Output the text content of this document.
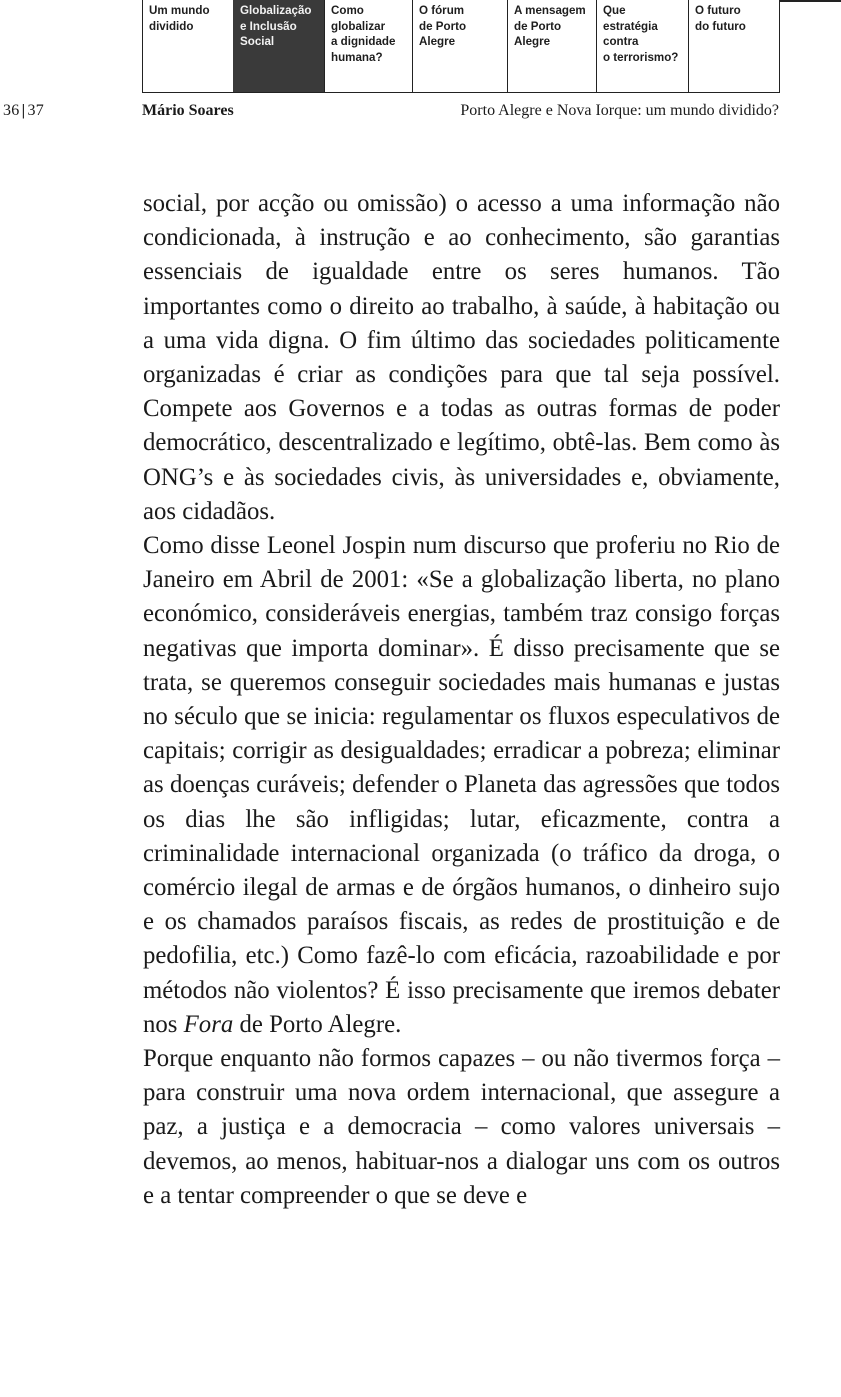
Um mundo
dividido
Globalização
e Inclusão
Social
Como
globalizar
a dignidade
humana?
O fórum
de Porto
Alegre
A mensagem
de Porto
Alegre
Que
estratégia
contra
o terrorismo?
O futuro
do futuro
36 | 37	Mário Soares	Porto Alegre e Nova Iorque: um mundo dividido?

social, por acção ou omissão) o acesso a uma informação não condicionada, à instrução e ao conhecimento, são garantias essenciais de igualdade entre os seres humanos. Tão importantes como o direito ao trabalho, à saúde, à habitação ou a uma vida digna. O fim último das sociedades politicamente organizadas é criar as condições para que tal seja possível. Compete aos Governos e a todas as outras formas de poder democrático, descentralizado e legítimo, obtê-las. Bem como às ONG’s e às sociedades civis, às universidades e, obviamente, aos cidadãos.

Como disse Leonel Jospin num discurso que proferiu no Rio de Janeiro em Abril de 2001: «Se a globalização liberta, no plano económico, consideráveis energias, também traz consigo forças negativas que importa dominar». É disso precisamente que se trata, se queremos conseguir sociedades mais humanas e justas no século que se inicia: regulamentar os fluxos especulativos de capitais; corrigir as desigualdades; erradicar a pobreza; eliminar as doenças curáveis; defender o Planeta das agressões que todos os dias lhe são infligidas; lutar, eficazmente, contra a criminalidade internacional organizada (o tráfico da droga, o comércio ilegal de armas e de órgãos humanos, o dinheiro sujo e os chamados paraísos fiscais, as redes de prostituição e de pedofilia, etc.) Como fazê-lo com eficácia, razoabilidade e por métodos não violentos? É isso precisamente que iremos debater nos Fora de Porto Alegre.

Porque enquanto não formos capazes – ou não tivermos força – para construir uma nova ordem internacional, que assegure a paz, a justiça e a democracia – como valores universais – devemos, ao menos, habituar-nos a dialogar uns com os outros e a tentar compreender o que se deve e
